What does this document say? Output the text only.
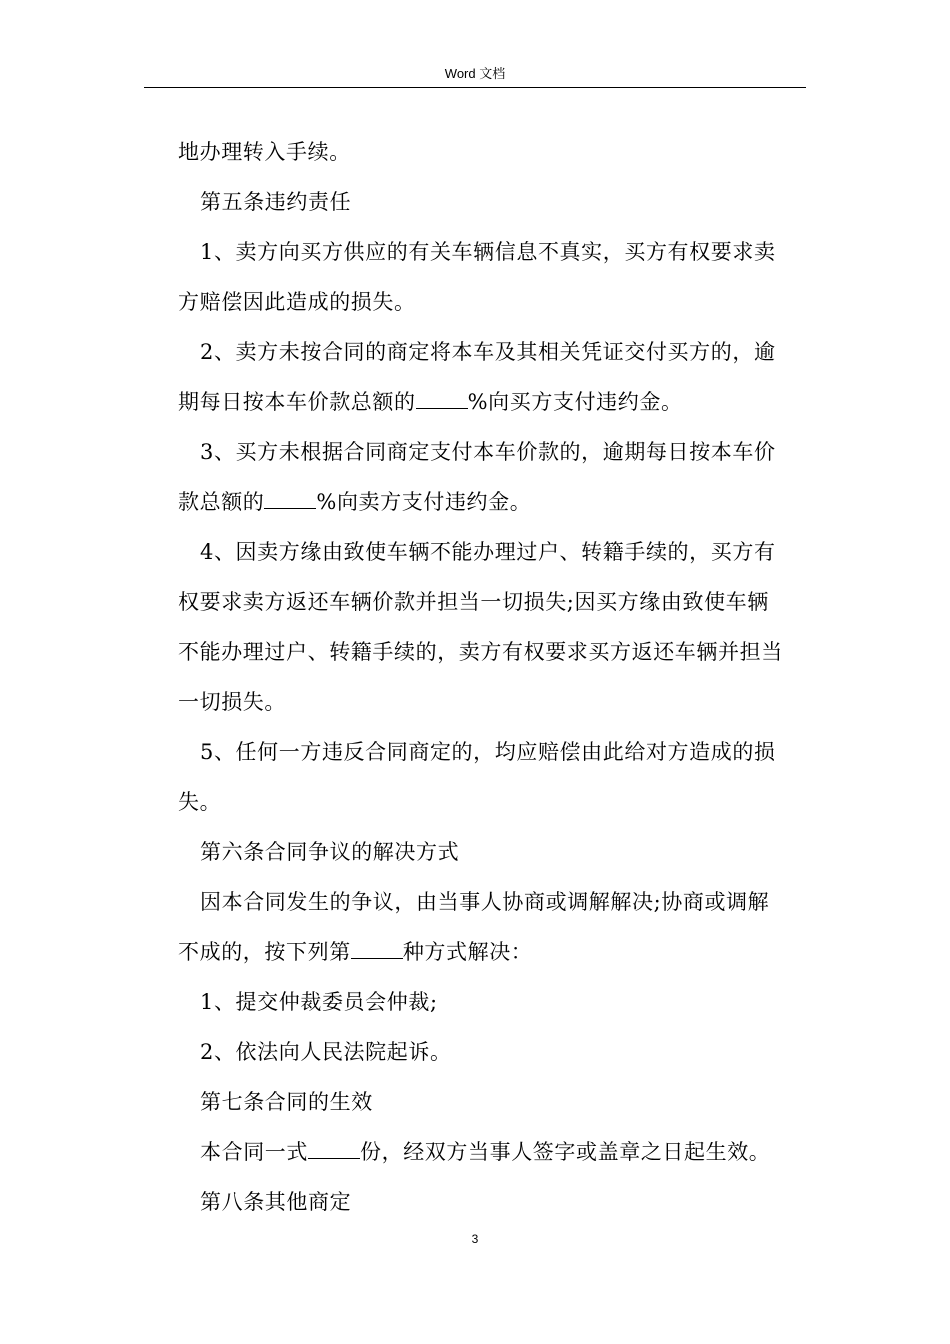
Word 文档
地办理转入手续。
第五条违约责任
1、卖方向买方供应的有关车辆信息不真实，买方有权要求卖
方赔偿因此造成的损失。
2、卖方未按合同的商定将本车及其相关凭证交付买方的，逾
期每日按本车价款总额的 %向买方支付违约金。
3、买方未根据合同商定支付本车价款的，逾期每日按本车价
款总额的 %向卖方支付违约金。
4、因卖方缘由致使车辆不能办理过户、转籍手续的，买方有
权要求卖方返还车辆价款并担当一切损失;因买方缘由致使车辆
不能办理过户、转籍手续的，卖方有权要求买方返还车辆并担当
一切损失。
5、任何一方违反合同商定的，均应赔偿由此给对方造成的损
失。
第六条合同争议的解决方式
因本合同发生的争议，由当事人协商或调解解决;协商或调解
不成的，按下列第 种方式解决：
1、提交仲裁委员会仲裁;
2、依法向人民法院起诉。
第七条合同的生效
本合同一式 份，经双方当事人签字或盖章之日起生效。
第八条其他商定
3
